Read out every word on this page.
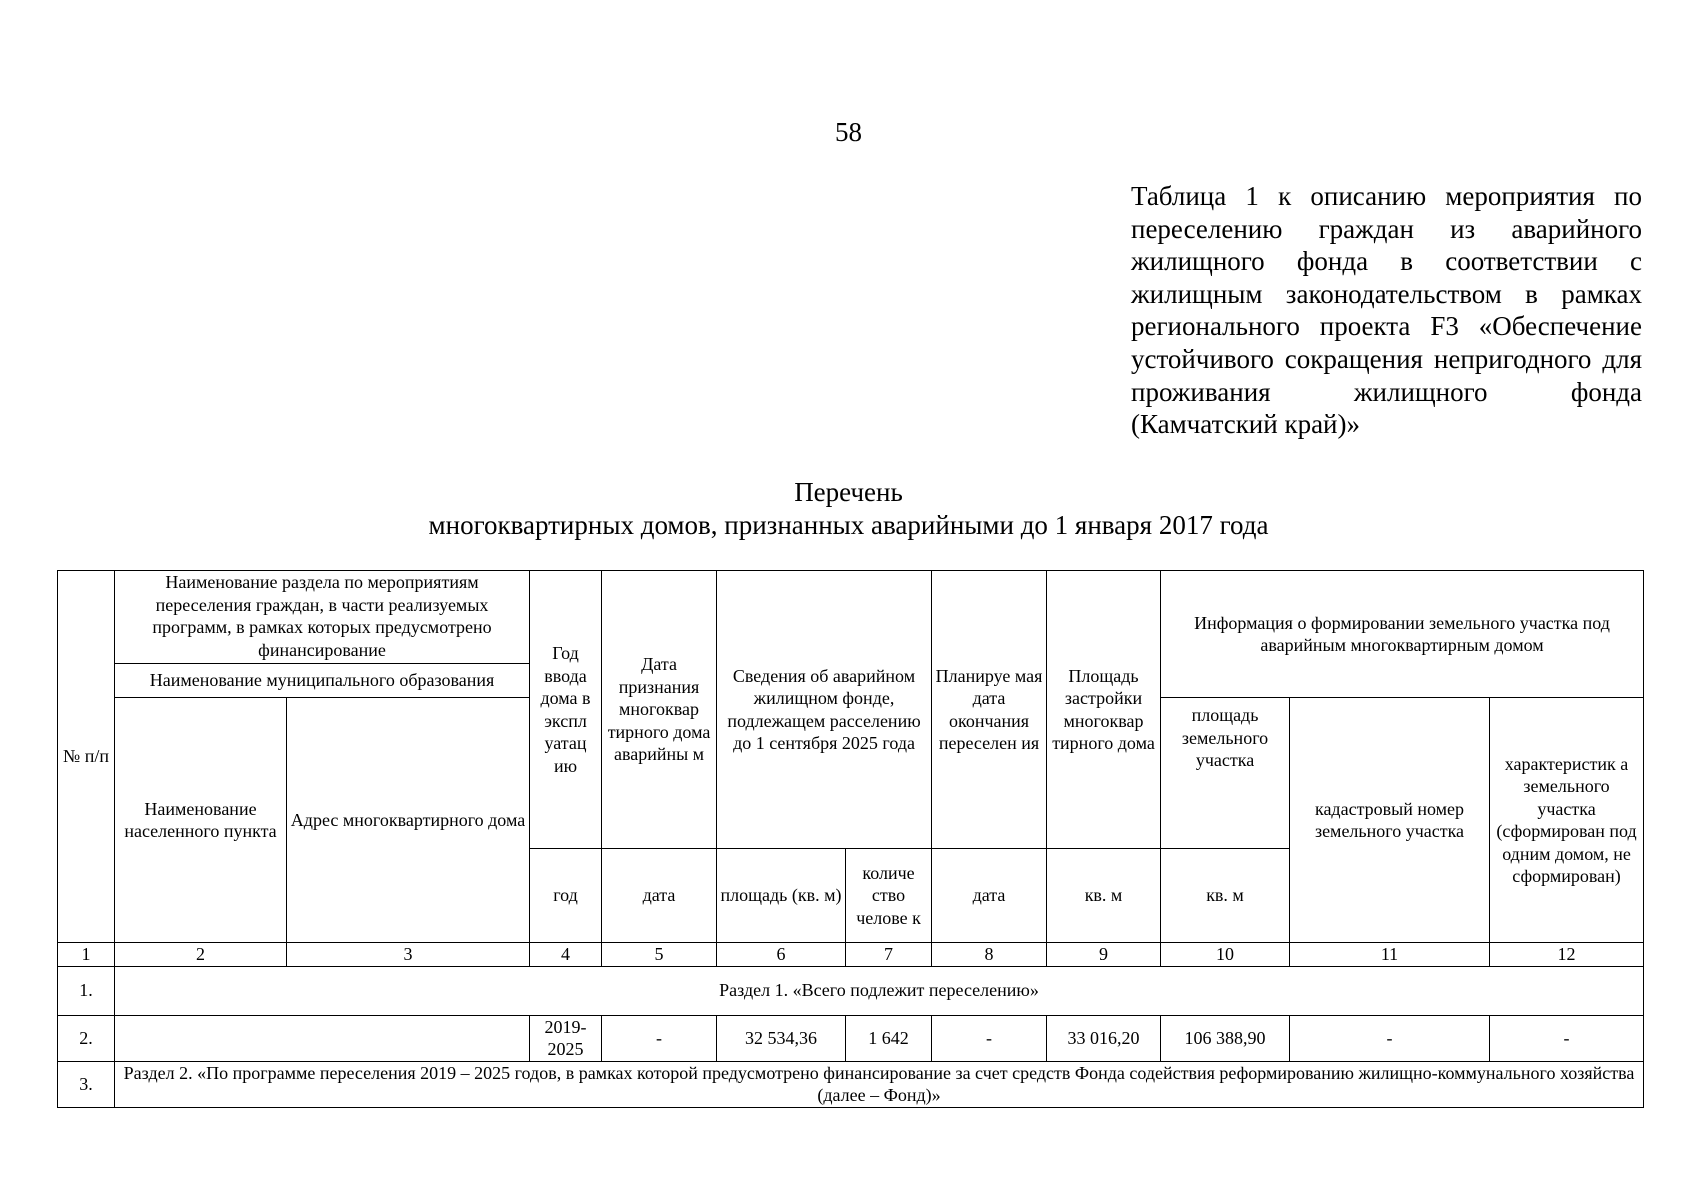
58
Таблица 1 к описанию мероприятия по переселению граждан из аварийного жилищного фонда в соответствии с жилищным законодательством в рамках регионального проекта F3 «Обеспечение устойчивого сокращения непригодного для проживания жилищного фонда (Камчатский край)»
Перечень
многоквартирных домов, признанных аварийными до 1 января 2017 года
№ п/п	Наименование раздела по мероприятиям переселения граждан, в части реализуемых программ, в рамках которых предусмотрено финансирование		Год ввода дома в экспл уатац ию	Дата признания многоквар тирного дома аварийны м	Сведения об аварийном жилищном фонде, подлежащем расселению до 1 сентября 2025 года		Планируе мая дата окончания переселен ия	Площадь застройки многоквар тирного дома	Информация о формировании земельного участка под аварийным многоквартирным домом		
	Наименование муниципального образования										
	Наименование населенного пункта	Адрес многоквартирного дома							площадь земельного участка	кадастровый номер земельного участка	характеристик а земельного участка (сформирован под одним домом, не сформирован)
			год	дата	площадь (кв. м)	количе ство челове к	дата	кв. м	кв. м		
1	2	3	4	5	6	7	8	9	10	11	12
1.	Раздел 1. «Всего подлежит переселению»										
2.			2019-2025	-	32 534,36	1 642	-	33 016,20	106 388,90	-	-
3.	Раздел 2. «По программе переселения 2019 – 2025 годов, в рамках которой предусмотрено финансирование за счет средств Фонда содействия реформированию жилищно-коммунального хозяйства (далее – Фонд)»										
